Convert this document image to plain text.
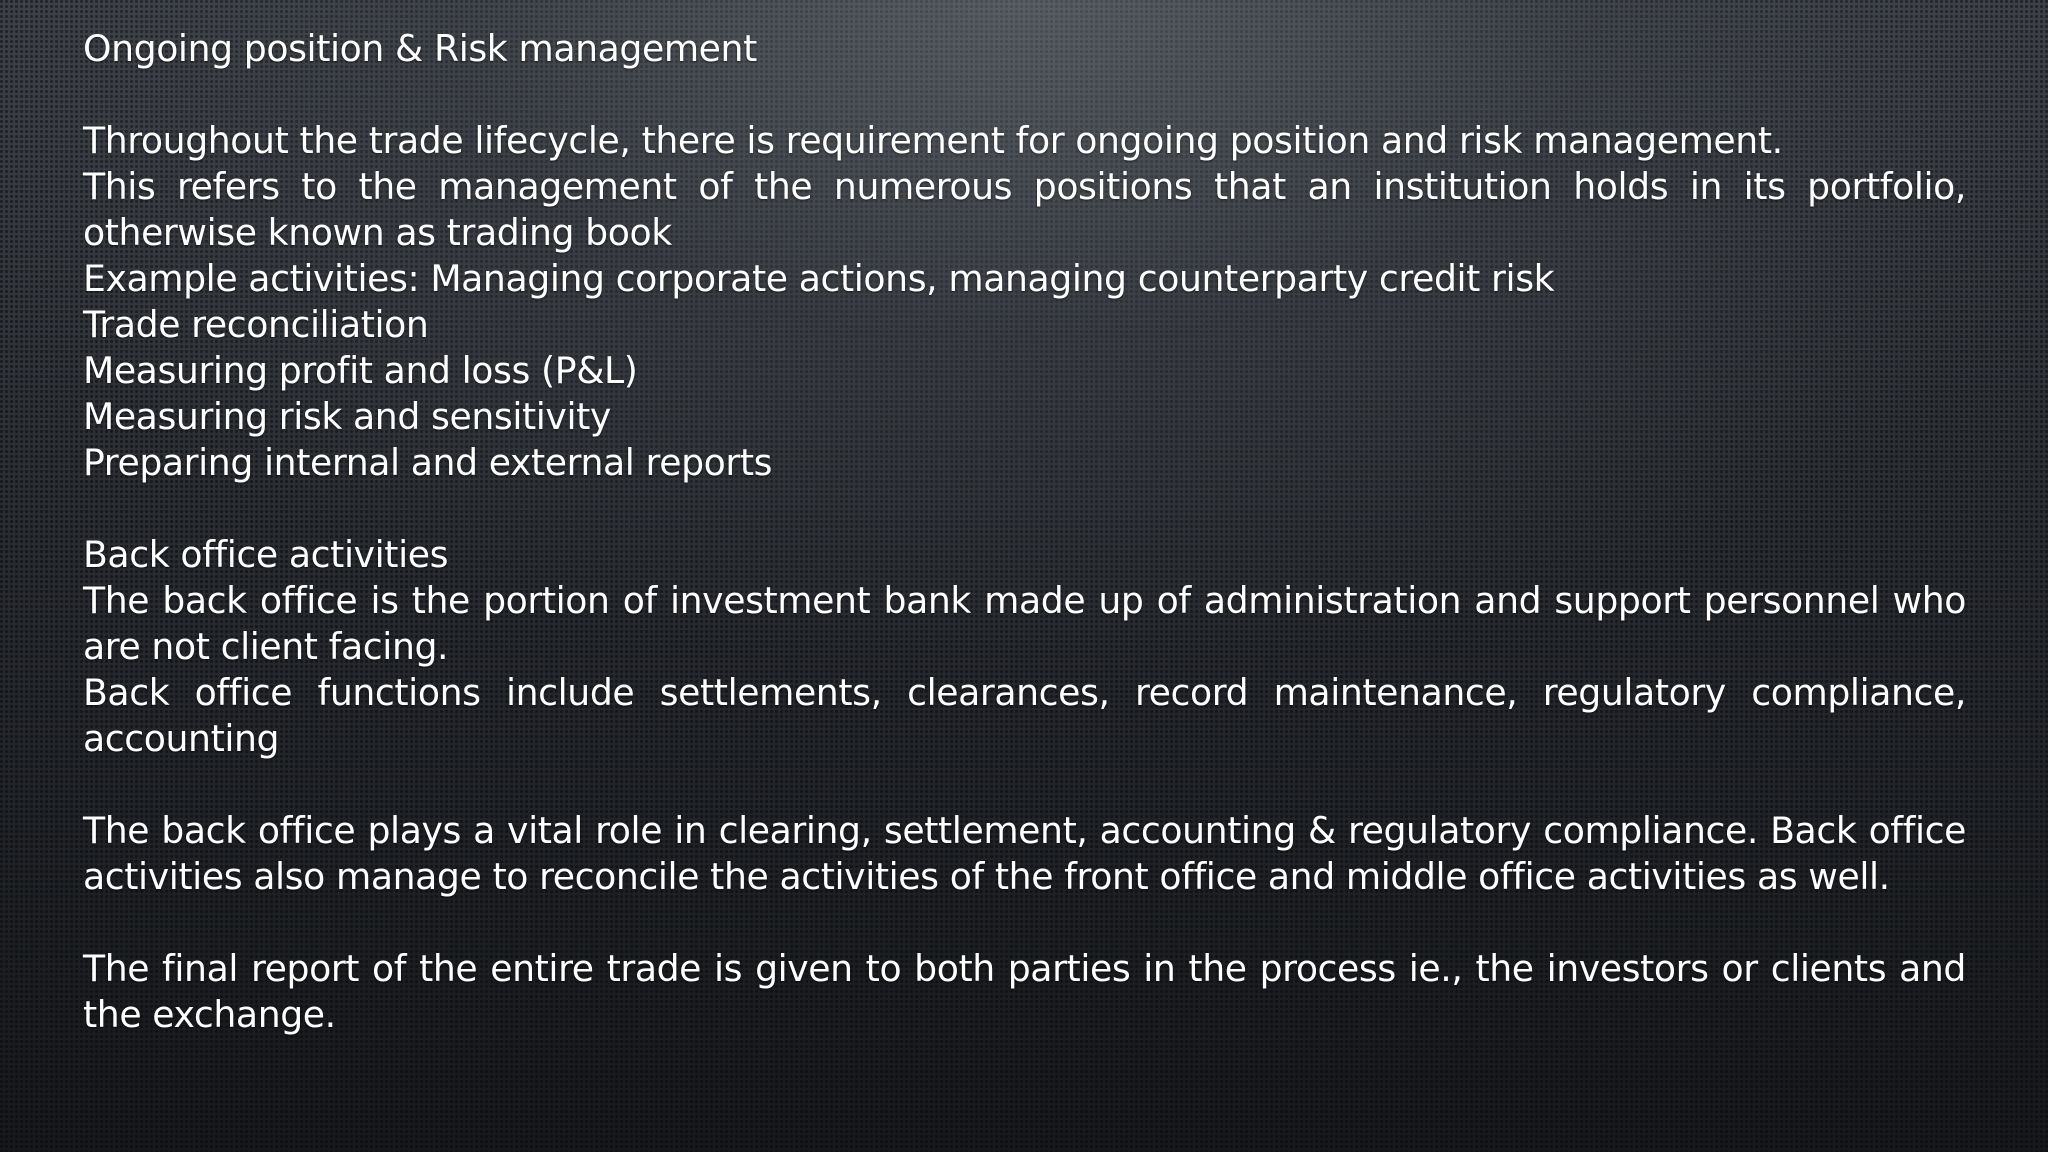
Ongoing position & Risk management

Throughout the trade lifecycle, there is requirement for ongoing position and risk management.

This refers to the management of the numerous positions that an institution holds in its portfolio, otherwise known as trading book

Example activities: Managing corporate actions, managing counterparty credit risk

Trade reconciliation

Measuring profit and loss (P&L)

Measuring risk and sensitivity

Preparing internal and external reports

Back office activities

The back office is the portion of investment bank made up of administration and support personnel who are not client facing.

Back office functions include settlements, clearances, record maintenance, regulatory compliance, accounting

The back office plays a vital role in clearing, settlement, accounting & regulatory compliance. Back office activities also manage to reconcile the activities of the front office and middle office activities as well.

The final report of the entire trade is given to both parties in the process ie., the investors or clients and the exchange.
